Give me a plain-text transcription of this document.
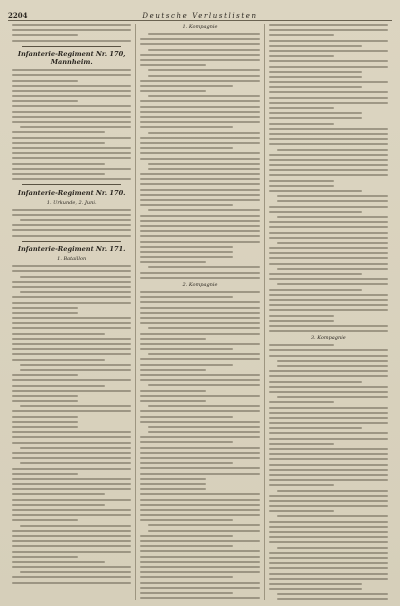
2204	Deutsche Verlustlisten
Infanterie-Regiment Nr. 170, Mannheim.
Infanterie-Regiment Nr. 170.
1. Urkunde, 2. Juni.
Infanterie-Regiment Nr. 171.
1. Bataillon
1. Kompagnie
2. Kompagnie
3. Kompagnie
